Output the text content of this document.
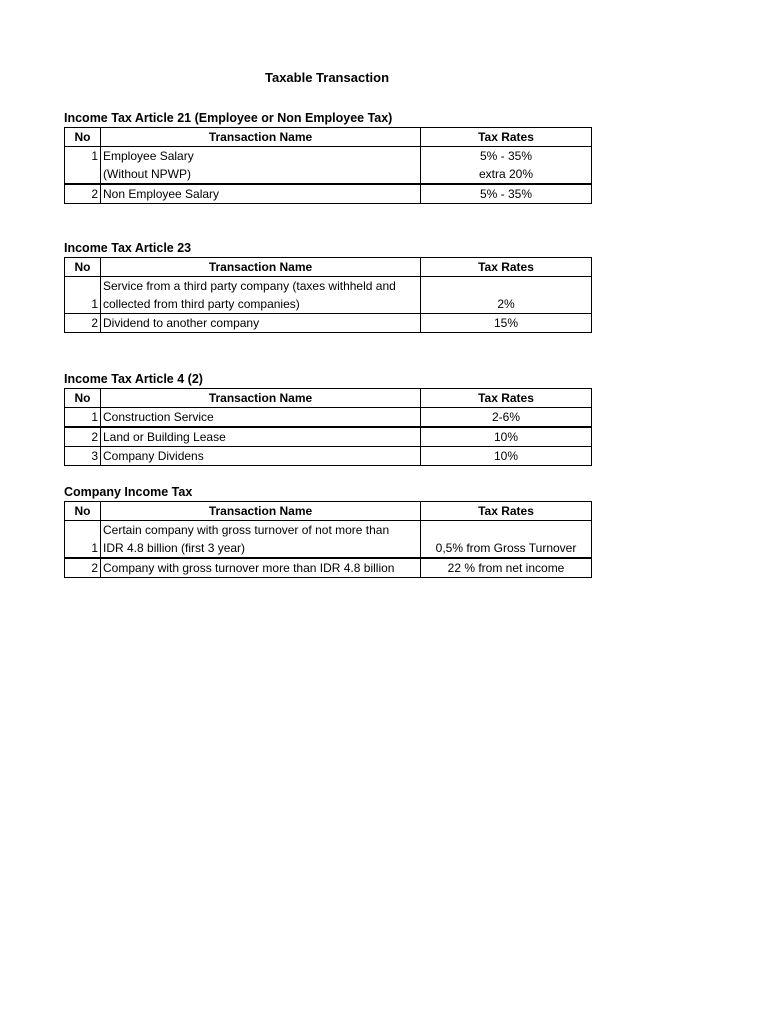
Taxable Transaction
Income Tax Article 21 (Employee or Non Employee Tax)
No	Transaction Name	Tax Rates
1	Employee Salary	5% - 35%
	(Without NPWP)	extra 20%
2	Non Employee Salary	5% - 35%
Income Tax Article 23
No	Transaction Name	Tax Rates
1	Service from a third party company (taxes withheld and
collected from third party companies)	2%
2	Dividend to another company	15%
Income Tax Article 4 (2)
No	Transaction Name	Tax Rates
1	Construction Service	2-6%
2	Land or Building Lease	10%
3	Company Dividens	10%
Company Income Tax
No	Transaction Name	Tax Rates
1	Certain company with gross turnover of not more than
IDR 4.8 billion (first 3 year)	0,5% from Gross Turnover
2	Company with gross turnover more than IDR 4.8 billion	22 % from net income
